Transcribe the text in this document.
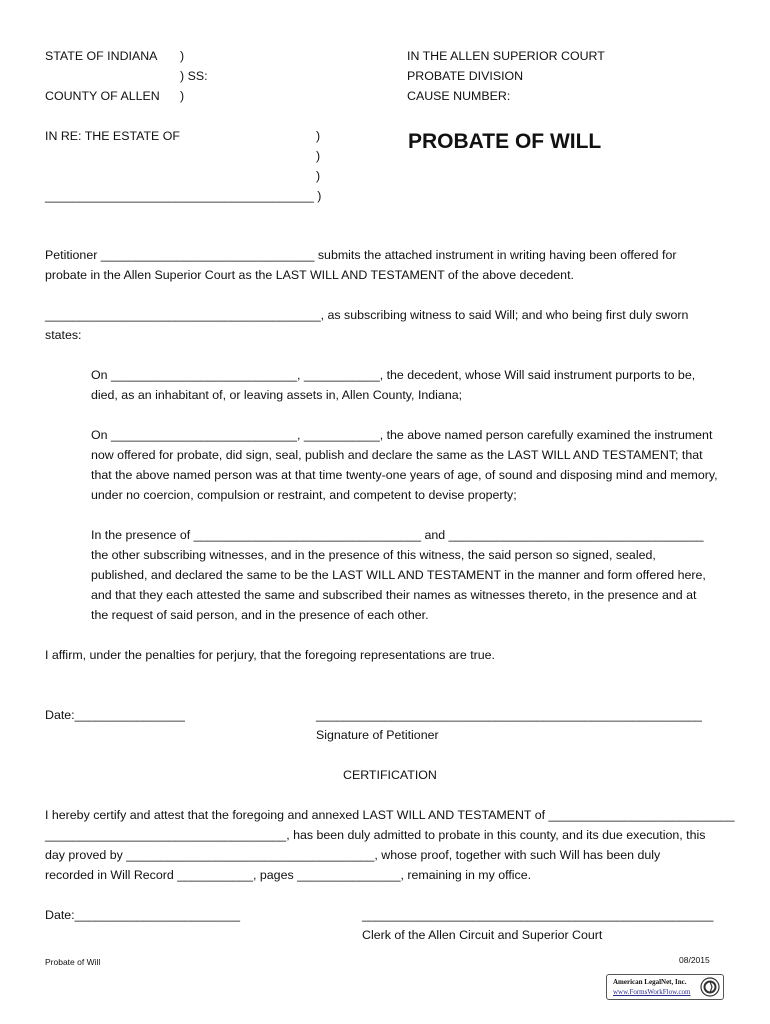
STATE OF INDIANA )
) SS:
COUNTY OF ALLEN )
IN THE ALLEN SUPERIOR COURT
PROBATE DIVISION
CAUSE NUMBER:
IN RE: THE ESTATE OF	)
)
)
_______________________________________ )
PROBATE OF WILL
Petitioner _______________________________ submits the attached instrument in writing having been offered for
probate in the Allen Superior Court as the LAST WILL AND TESTAMENT of the above decedent.
________________________________________, as subscribing witness to said Will; and who being first duly sworn
states:
On ___________________________, ___________, the decedent, whose Will said instrument purports to be,
died, as an inhabitant of, or leaving assets in, Allen County, Indiana;
On ___________________________, ___________, the above named person carefully examined the instrument
now offered for probate, did sign, seal, publish and declare the same as the LAST WILL AND TESTAMENT; that
that the above named person was at that time twenty-one years of age, of sound and disposing mind and memory,
under no coercion, compulsion or restraint, and competent to devise property;
In the presence of _________________________________ and _____________________________________
the other subscribing witnesses, and in the presence of this witness, the said person so signed, sealed,
published, and declared the same to be the LAST WILL AND TESTAMENT in the manner and form offered here,
and that they each attested the same and subscribed their names as witnesses thereto, in the presence and at
the request of said person, and in the presence of each other.
I affirm, under the penalties for perjury, that the foregoing representations are true.
Date:________________	________________________________________________________
Signature of Petitioner
CERTIFICATION
I hereby certify and attest that the foregoing and annexed LAST WILL AND TESTAMENT of ___________________________
___________________________________, has been duly admitted to probate in this county, and its due execution, this
day proved by ____________________________________, whose proof, together with such Will has been duly
recorded in Will Record ___________, pages _______________, remaining in my office.
Date:________________________	___________________________________________________
Clerk of the Allen Circuit and Superior Court
Probate of Will	08/2015
American LegalNet, Inc.
www.FormsWorkFlow.com
